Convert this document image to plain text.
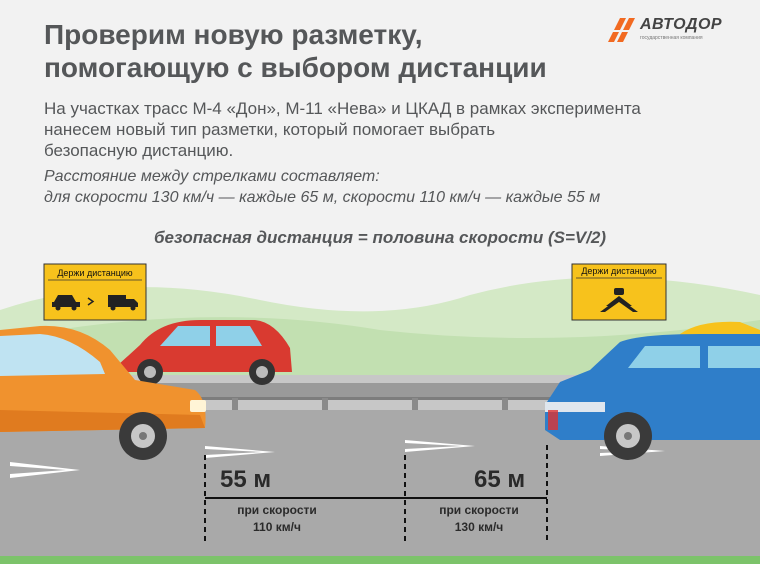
Проверим новую разметку,
помогающую с выбором дистанции
АВТОДОР
государственная компания

На участках трасс М-4 «Дон», М-11 «Нева» и ЦКАД в рамках эксперимента
нанесем новый тип разметки, который помогает выбрать
безопасную дистанцию.

Расстояние между стрелками составляет:
для скорости 130 км/ч — каждые 65 м, скорости 110 км/ч — каждые 55 м

безопасная дистанция = половина скорости (S=V/2)
Держи дистанцию	Держи дистанцию
55 м
при скорости
110 км/ч
65 м
при скорости
130 км/ч
